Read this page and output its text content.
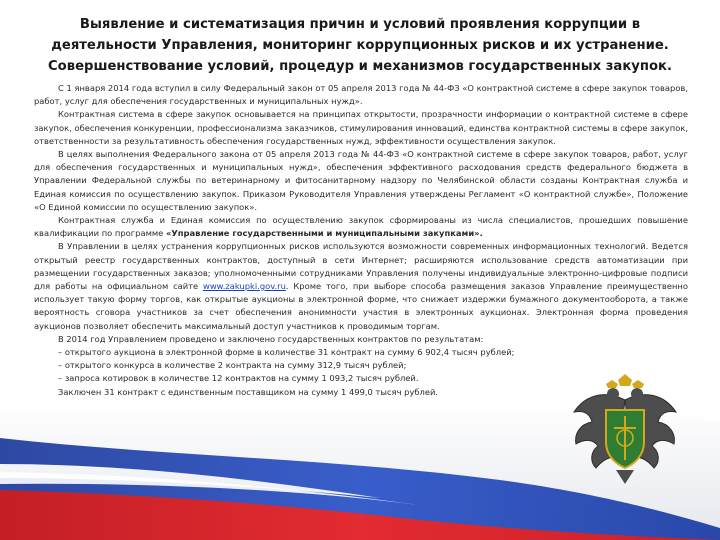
Выявление и систематизация причин и условий проявления коррупции в
деятельности Управления, мониторинг коррупционных рисков и их устранение.
Совершенствование условий, процедур и механизмов государственных закупок.

С 1 января 2014 года вступил в силу Федеральный закон от 05 апреля 2013 года № 44-ФЗ «О контрактной системе в сфере закупок товаров, работ, услуг для обеспечения государственных и муниципальных нужд».

Контрактная система в сфере закупок основывается на принципах открытости, прозрачности информации о контрактной системе в сфере закупок, обеспечения конкуренции, профессионализма заказчиков, стимулирования инноваций, единства контрактной системы в сфере закупок, ответственности за результативность обеспечения государственных нужд, эффективности осуществления закупок.

В целях выполнения Федерального закона от 05 апреля 2013 года № 44-ФЗ «О контрактной системе в сфере закупок товаров, работ, услуг для обеспечения государственных и муниципальных нужд», обеспечения эффективного расходования средств федерального бюджета в Управлении Федеральной службы по ветеринарному и фитосанитарному надзору по Челябинской области созданы Контрактная служба и Единая комиссия по осуществлению закупок. Приказом Руководителя Управления утверждены Регламент «О контрактной службе», Положение «О Единой комиссии по осуществлению закупок».

Контрактная служба и Единая комиссия по осуществлению закупок сформированы из числа специалистов, прошедших повышение квалификации по программе «Управление государственными и муниципальными закупками».

В Управлении в целях устранения коррупционных рисков используются возможности современных информационных технологий. Ведется открытый реестр государственных контрактов, доступный в сети Интернет; расширяются использование средств автоматизации при размещении государственных заказов; уполномоченными сотрудниками Управления получены индивидуальные электронно-цифровые подписи для работы на официальном сайте www.zakupki.gov.ru. Кроме того, при выборе способа размещения заказов Управление преимущественно использует такую форму торгов, как открытые аукционы в электронной форме, что снижает издержки бумажного документооборота, а также вероятность сговора участников за счет обеспечения анонимности участия в электронных аукционах. Электронная форма проведения аукционов позволяет обеспечить максимальный доступ участников к проводимым торгам.

В 2014 год Управлением проведено и заключено государственных контрактов по результатам:

– открытого аукциона в электронной форме в количестве 31 контракт на сумму 6 902,4 тысяч рублей;

– открытого конкурса в количестве 2 контракта на сумму 312,9 тысяч рублей;

– запроса котировок в количестве 12 контрактов на сумму 1 093,2 тысяч рублей.

Заключен 31 контракт с единственным поставщиком на сумму 1 499,0 тысяч рублей.
